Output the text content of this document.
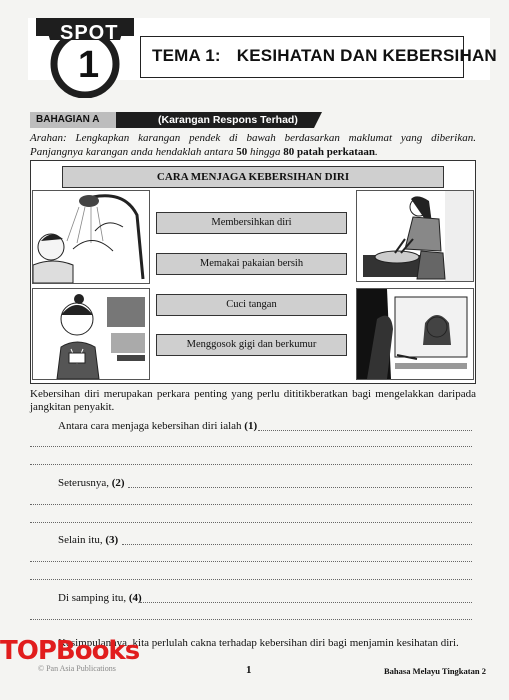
SPOT
1	TEMA 1: KESIHATAN DAN KEBERSIHAN
BAHAGIAN A	(Karangan Respons Terhad)
Arahan: Lengkapkan karangan pendek di bawah berdasarkan maklumat yang diberikan. Panjangnya karangan anda hendaklah antara 50 hingga 80 patah perkataan.
CARA MENJAGA KEBERSIHAN DIRI
Membersihkan diri
Memakai pakaian bersih
Cuci tangan
Menggosok gigi dan berkumur
Kebersihan diri merupakan perkara penting yang perlu dititikberatkan bagi mengelakkan daripada jangkitan penyakit.
Antara cara menjaga kebersihan diri ialah (1)
Seterusnya, (2)
Selain itu, (3)
Di samping itu, (4)
Kesimpulannya, kita perlulah cakna terhadap kebersihan diri bagi menjamin kesihatan diri.
TOPBooks
© Pan Asia Publications	1	Bahasa Melayu Tingkatan 2
